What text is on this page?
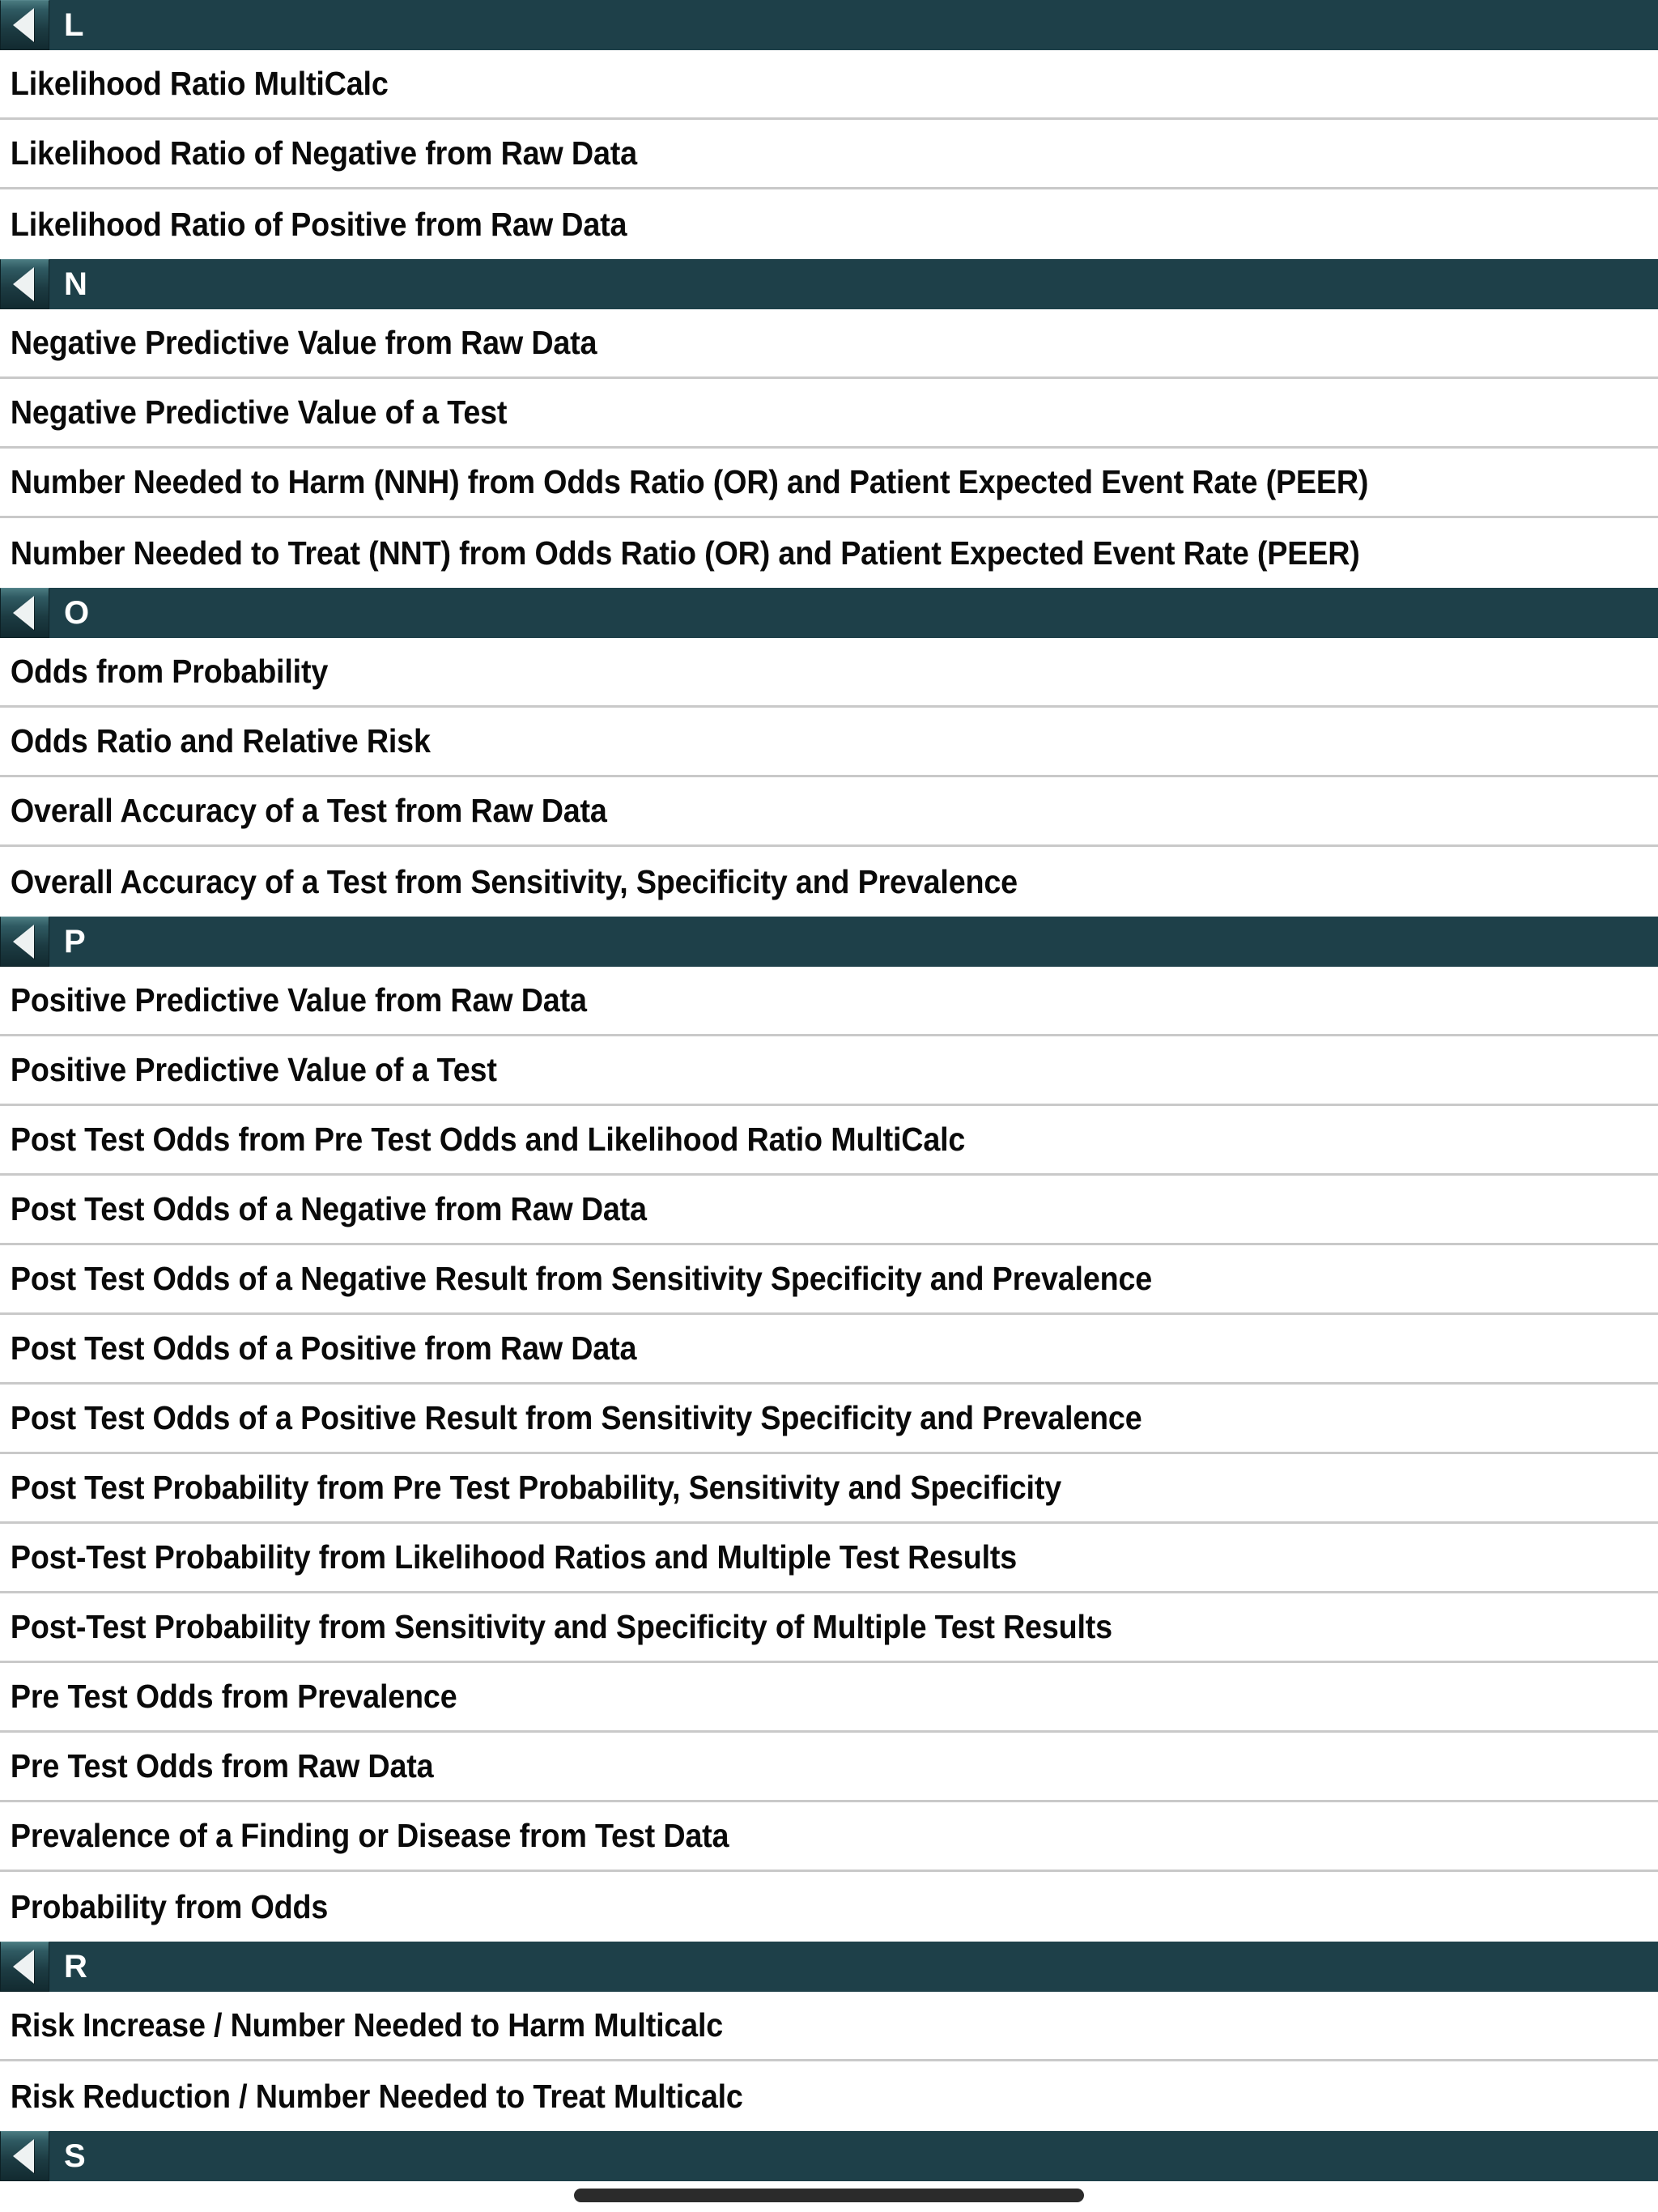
L
Likelihood Ratio MultiCalc
Likelihood Ratio of Negative from Raw Data
Likelihood Ratio of Positive from Raw Data
N
Negative Predictive Value from Raw Data
Negative Predictive Value of a Test
Number Needed to Harm (NNH) from Odds Ratio (OR) and Patient Expected Event Rate (PEER)
Number Needed to Treat (NNT) from Odds Ratio (OR) and Patient Expected Event Rate (PEER)
O
Odds from Probability
Odds Ratio and Relative Risk
Overall Accuracy of a Test from Raw Data
Overall Accuracy of a Test from Sensitivity, Specificity and Prevalence
P
Positive Predictive Value from Raw Data
Positive Predictive Value of a Test
Post Test Odds from Pre Test Odds and Likelihood Ratio MultiCalc
Post Test Odds of a Negative from Raw Data
Post Test Odds of a Negative Result from Sensitivity Specificity and Prevalence
Post Test Odds of a Positive from Raw Data
Post Test Odds of a Positive Result from Sensitivity Specificity and Prevalence
Post Test Probability from Pre Test Probability, Sensitivity and Specificity
Post-Test Probability from Likelihood Ratios and Multiple Test Results
Post-Test Probability from Sensitivity and Specificity of Multiple Test Results
Pre Test Odds from Prevalence
Pre Test Odds from Raw Data
Prevalence of a Finding or Disease from Test Data
Probability from Odds
R
Risk Increase / Number Needed to Harm Multicalc
Risk Reduction / Number Needed to Treat Multicalc
S
